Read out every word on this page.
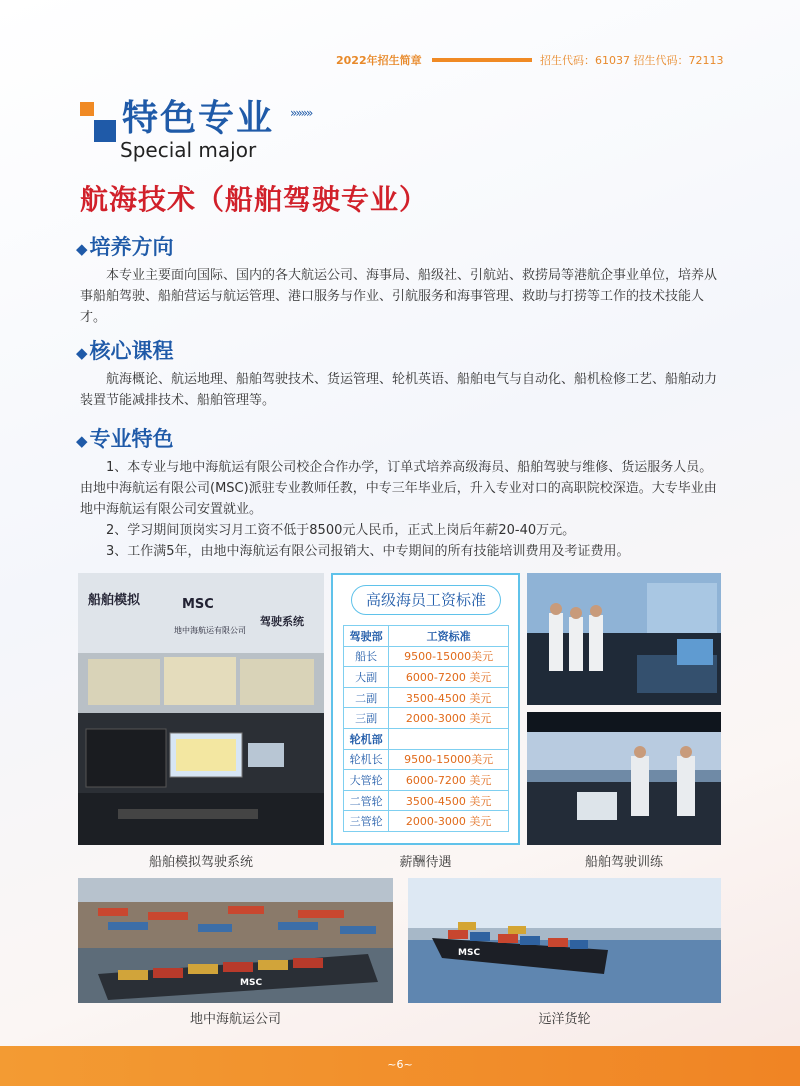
2022年招生简章	招生代码：61037 招生代码：72113
特色专业 »»»»
Special major
航海技术（船舶驾驶专业）
◆培养方向

本专业主要面向国际、国内的各大航运公司、海事局、船级社、引航站、救捞局等港航企事业单位，培养从事船舶驾驶、船舶营运与航运管理、港口服务与作业、引航服务和海事管理、救助与打捞等工作的技术技能人才。

◆核心课程

航海概论、航运地理、船舶驾驶技术、货运管理、轮机英语、船舶电气与自动化、船机检修工艺、船舶动力装置节能减排技术、船舶管理等。

◆专业特色

1、本专业与地中海航运有限公司校企合作办学，订单式培养高级海员、船舶驾驶与维修、货运服务人员。由地中海航运有限公司(MSC)派驻专业教师任教，中专三年毕业后，升入专业对口的高职院校深造。大专毕业由地中海航运有限公司安置就业。

2、学习期间顶岗实习月工资不低于8500元人民币，正式上岗后年薪20-40万元。

3、工作满5年，由地中海航运有限公司报销大、中专期间的所有技能培训费用及考证费用。

船舶模拟	MSC
地中海航运有限公司
驾驶系统
高级海员工资标准
驾驶部	工资标准
船长	9500-15000美元
大副	6000-7200 美元
二副	3500-4500 美元
三副	2000-3000 美元
轮机部	
轮机长	9500-15000美元
大管轮	6000-7200 美元
二管轮	3500-4500 美元
三管轮	2000-3000 美元
船舶模拟驾驶系统	薪酬待遇	船舶驾驶训练
MSC
MSC
地中海航运公司	远洋货轮
~6~
